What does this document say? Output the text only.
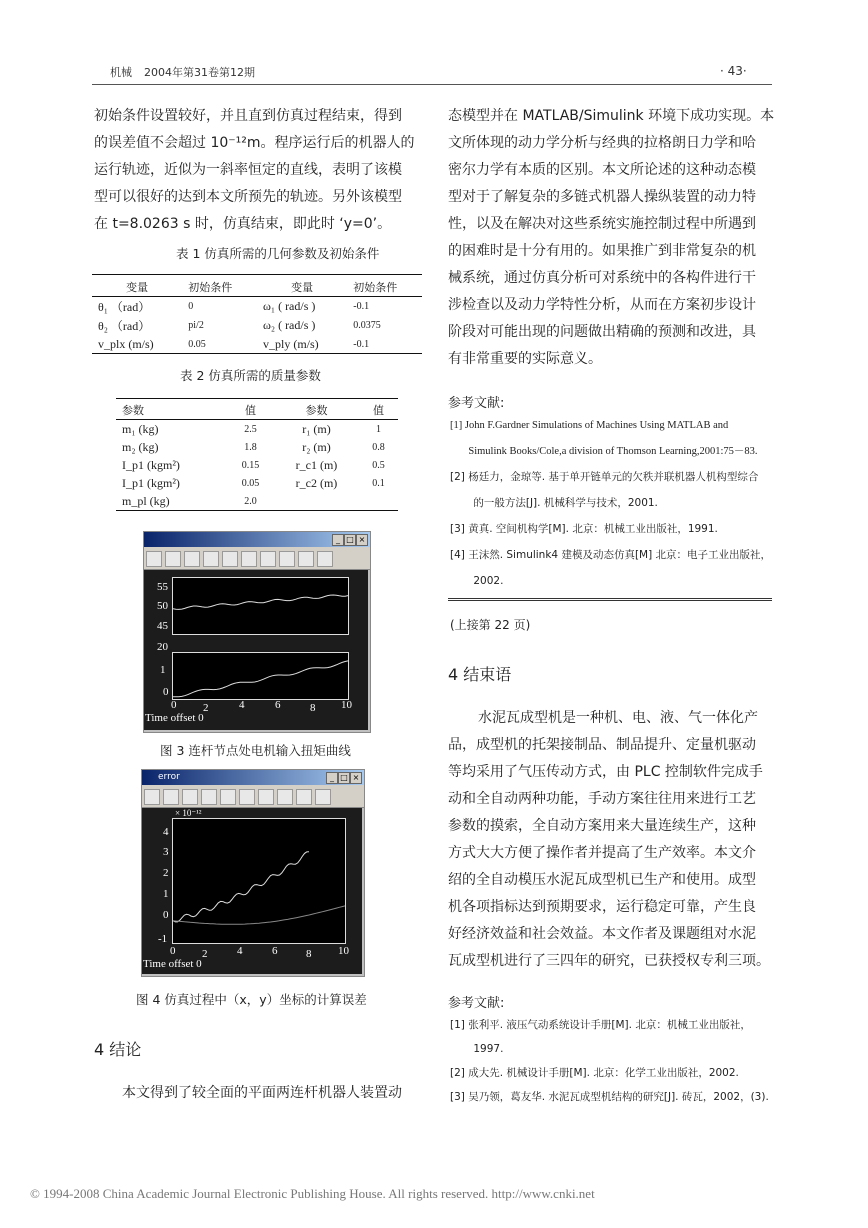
机械 2004年第31卷第12期	· 43·
初始条件设置较好，并且直到仿真过程结束，得到
的误差值不会超过 10⁻¹²m。程序运行后的机器人的
运行轨迹，近似为一斜率恒定的直线，表明了该模
型可以很好的达到本文所预先的轨迹。另外该模型
在 t=8.0263 s 时，仿真结束，即此时 ‘y=0’。
表 1 仿真所需的几何参数及初始条件
变量	初始条件	变量	初始条件
θ₁ （rad）	0	ω₁ ( rad/s )	-0.1
θ₂ （rad）	pi/2	ω₂ ( rad/s )	0.0375
v_plx (m/s)	0.05	v_ply (m/s)	-0.1
表 2 仿真所需的质量参数
参数	值	参数	值
m₁ (kg)	2.5	r₁ (m)	1
m₂ (kg)	1.8	r₂ (m)	0.8
I_p1 (kgm²)	0.15	r_c1 (m)	0.5
I_p1 (kgm²)	0.05	r_c2 (m)	0.1
m_pl (kg)	2.0		
_ □ ×
55
50
45
20
1
0
0 2	4	6	8 10
Time offset 0
图 3 连杆节点处电机输入扭矩曲线
error	_ □ ×
× 10⁻¹²
4
3
2
1
0
-1
0 2	4	6	8 10
Time offset 0
图 4 仿真过程中（x，y）坐标的计算误差
4 结论
本文得到了较全面的平面两连杆机器人装置动
态模型并在 MATLAB/Simulink 环境下成功实现。本
文所体现的动力学分析与经典的拉格朗日力学和哈
密尔力学有本质的区别。本文所论述的这种动态模
型对于了解复杂的多链式机器人操纵装置的动力特
性，以及在解决对这些系统实施控制过程中所遇到
的困难时是十分有用的。如果推广到非常复杂的机
械系统，通过仿真分析可对系统中的各构件进行干
涉检查以及动力学特性分析，从而在方案初步设计
阶段对可能出现的问题做出精确的预测和改进，具
有非常重要的实际意义。
参考文献:
[1] John F.Gardner Simulations of Machines Using MATLAB and
Simulink Books/Cole,a division of Thomson Learning,2001:75－83.
[2] 杨廷力，金琼等. 基于单开链单元的欠秩并联机器人机构型综合
的一般方法[J]. 机械科学与技术，2001.
[3] 黄真. 空间机构学[M]. 北京：机械工业出版社，1991.
[4] 王沫然. Simulink4 建模及动态仿真[M] 北京：电子工业出版社，
2002.
(上接第 22 页)
4 结束语
水泥瓦成型机是一种机、电、液、气一体化产
品，成型机的托架接制品、制品提升、定量机驱动
等均采用了气压传动方式，由 PLC 控制软件完成手
动和全自动两种功能，手动方案往往用来进行工艺
参数的摸索，全自动方案用来大量连续生产，这种
方式大大方便了操作者并提高了生产效率。本文介
绍的全自动模压水泥瓦成型机已生产和使用。成型
机各项指标达到预期要求，运行稳定可靠，产生良
好经济效益和社会效益。本文作者及课题组对水泥
瓦成型机进行了三四年的研究，已获授权专利三项。
参考文献:
[1] 张利平. 液压气动系统设计手册[M]. 北京：机械工业出版社，
1997.
[2] 成大先. 机械设计手册[M]. 北京：化学工业出版社，2002.
[3] 吴乃领，葛友华. 水泥瓦成型机结构的研究[J]. 砖瓦，2002，(3).
© 1994-2008 China Academic Journal Electronic Publishing House. All rights reserved. http://www.cnki.net
